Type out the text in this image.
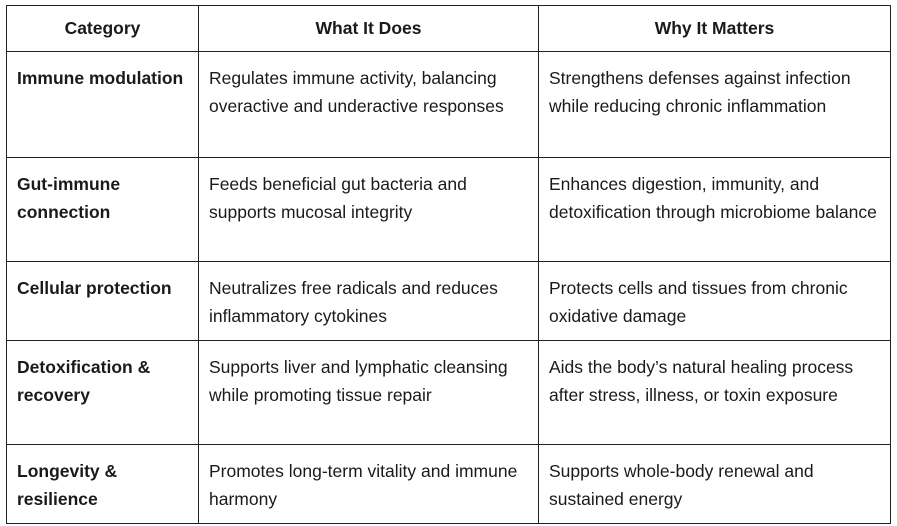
Category	What It Does	Why It Matters
Immune modulation	Regulates immune activity, balancing overactive and underactive responses	Strengthens defenses against infection while reducing chronic inflammation
Gut-immune connection	Feeds beneficial gut bacteria and supports mucosal integrity	Enhances digestion, immunity, and detoxification through microbiome balance
Cellular protection	Neutralizes free radicals and reduces inflammatory cytokines	Protects cells and tissues from chronic oxidative damage
Detoxification & recovery	Supports liver and lymphatic cleansing while promoting tissue repair	Aids the body’s natural healing process after stress, illness, or toxin exposure
Longevity & resilience	Promotes long-term vitality and immune harmony	Supports whole-body renewal and sustained energy
